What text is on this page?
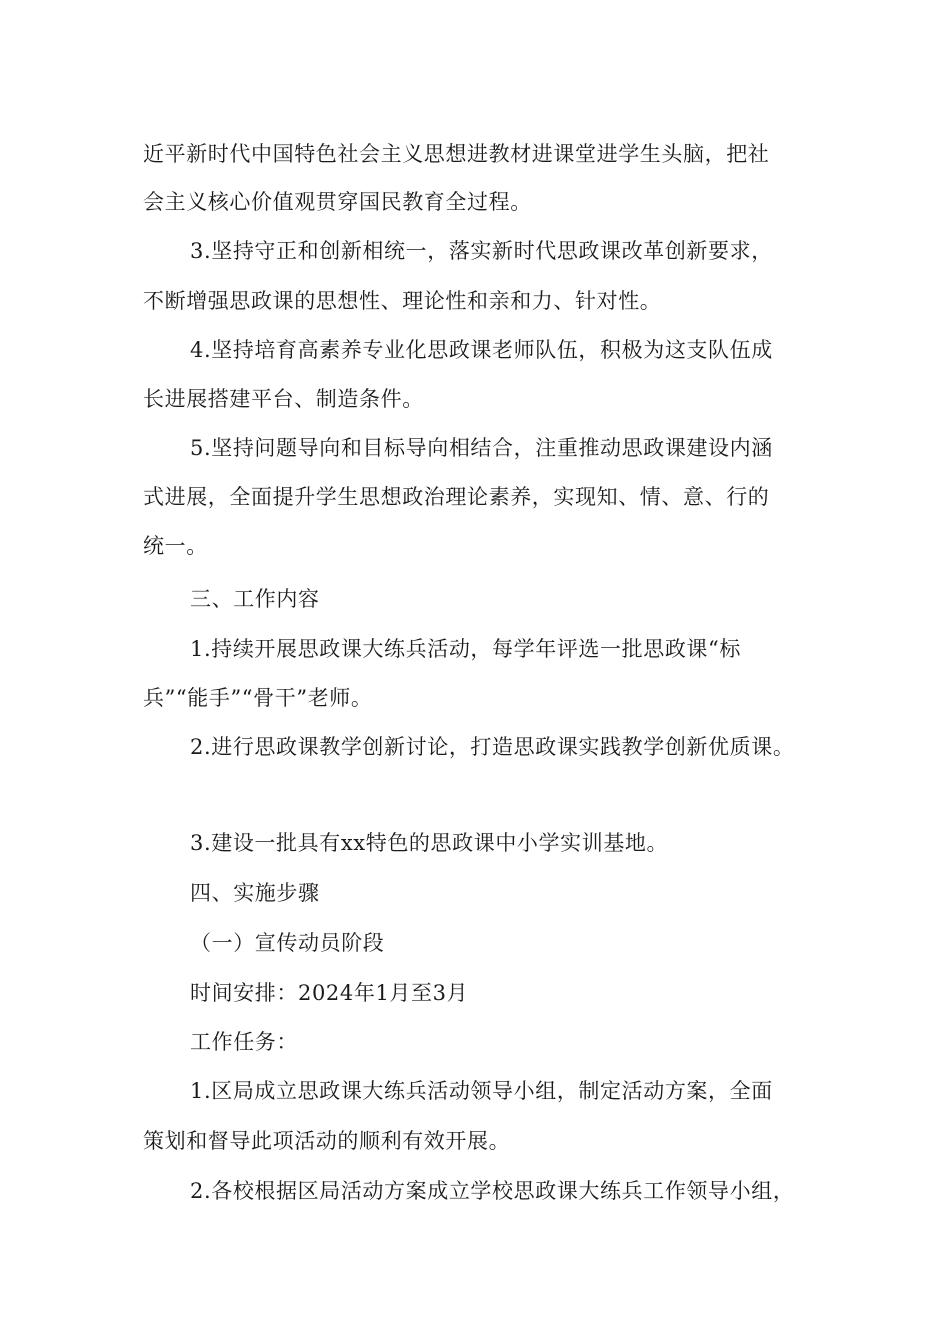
近平新时代中国特色社会主义思想进教材进课堂进学生头脑，把社
会主义核心价值观贯穿国民教育全过程。
3.坚持守正和创新相统一，落实新时代思政课改革创新要求，
不断增强思政课的思想性、理论性和亲和力、针对性。
4.坚持培育高素养专业化思政课老师队伍，积极为这支队伍成
长进展搭建平台、制造条件。
5.坚持问题导向和目标导向相结合，注重推动思政课建设内涵
式进展，全面提升学生思想政治理论素养，实现知、情、意、行的
统一。
三、工作内容
1.持续开展思政课大练兵活动，每学年评选一批思政课“标
兵”“能手”“骨干”老师。
2.进行思政课教学创新讨论，打造思政课实践教学创新优质课。
3.建设一批具有xx特色的思政课中小学实训基地。
四、实施步骤
（一）宣传动员阶段
时间安排：2024年1月至3月
工作任务：
1.区局成立思政课大练兵活动领导小组，制定活动方案，全面
策划和督导此项活动的顺利有效开展。
2.各校根据区局活动方案成立学校思政课大练兵工作领导小组，
